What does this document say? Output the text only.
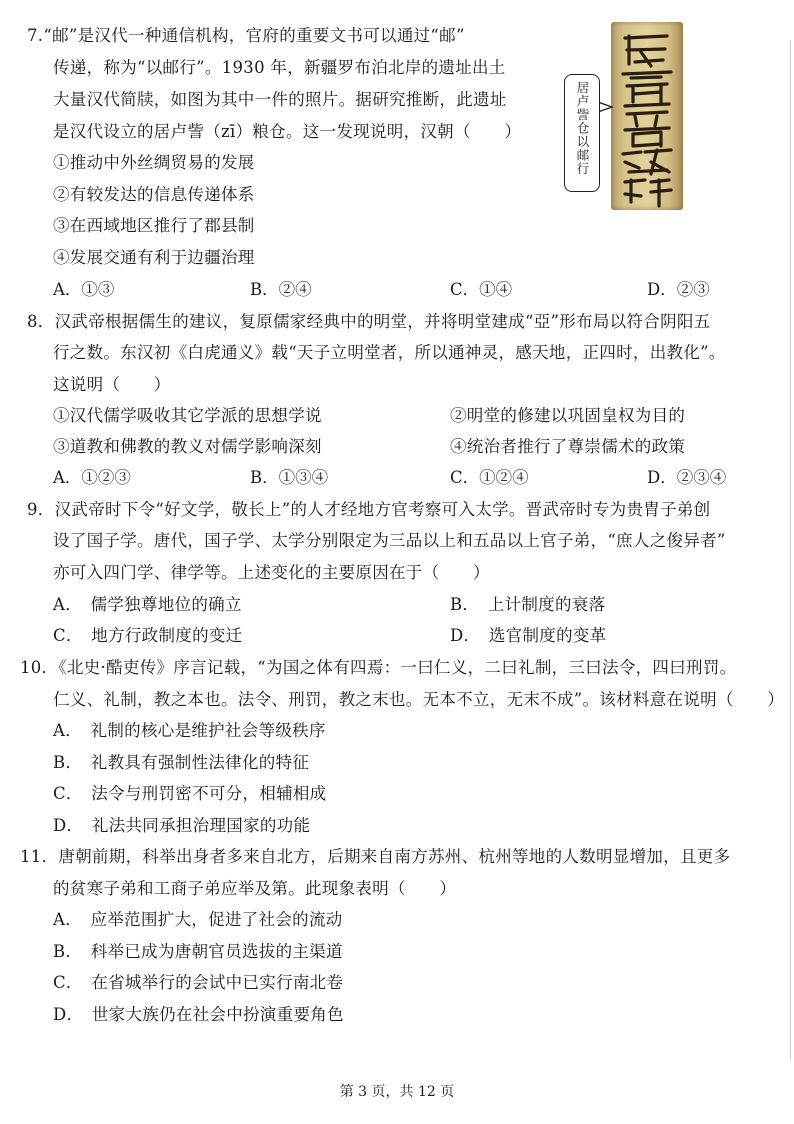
7.“邮”是汉代一种通信机构，官府的重要文书可以通过“邮”
传递，称为“以邮行”。1930 年，新疆罗布泊北岸的遗址出土
大量汉代简牍，如图为其中一件的照片。据研究推断，此遗址
是汉代设立的居卢訾（zī）粮仓。这一发现说明，汉朝（　　）
①推动中外丝绸贸易的发展
②有较发达的信息传递体系
③在西域地区推行了郡县制
④发展交通有利于边疆治理
A．①③	B．②④	C．①④	D．②③
居卢訾仓以邮行
8．汉武帝根据儒生的建议，复原儒家经典中的明堂，并将明堂建成“亞”形布局以符合阴阳五
行之数。东汉初《白虎通义》载“天子立明堂者，所以通神灵，感天地，正四时，出教化”。
这说明（　　）
①汉代儒学吸收其它学派的思想学说	②明堂的修建以巩固皇权为目的
③道教和佛教的教义对儒学影响深刻	④统治者推行了尊崇儒术的政策
A．①②③	B．①③④	C．①②④	D．②③④
9．汉武帝时下令“好文学，敬长上”的人才经地方官考察可入太学。晋武帝时专为贵胄子弟创
设了国子学。唐代，国子学、太学分别限定为三品以上和五品以上官子弟，“庶人之俊异者”
亦可入四门学、律学等。上述变化的主要原因在于（　　）
A．　儒学独尊地位的确立	B．　上计制度的衰落
C．　地方行政制度的变迁	D．　选官制度的变革
10．《北史·酷吏传》序言记载，“为国之体有四焉：一曰仁义，二曰礼制，三曰法令，四曰刑罚。
仁义、礼制，教之本也。法令、刑罚，教之末也。无本不立，无末不成”。该材料意在说明（　　）
A．　礼制的核心是维护社会等级秩序
B．　礼教具有强制性法律化的特征
C．　法令与刑罚密不可分，相辅相成
D．　礼法共同承担治理国家的功能
11．唐朝前期，科举出身者多来自北方，后期来自南方苏州、杭州等地的人数明显增加，且更多
的贫寒子弟和工商子弟应举及第。此现象表明（　　）
A．　应举范围扩大，促进了社会的流动
B．　科举已成为唐朝官员选拔的主渠道
C．　在省城举行的会试中已实行南北卷
D．　世家大族仍在社会中扮演重要角色
第 3 页，共 12 页
